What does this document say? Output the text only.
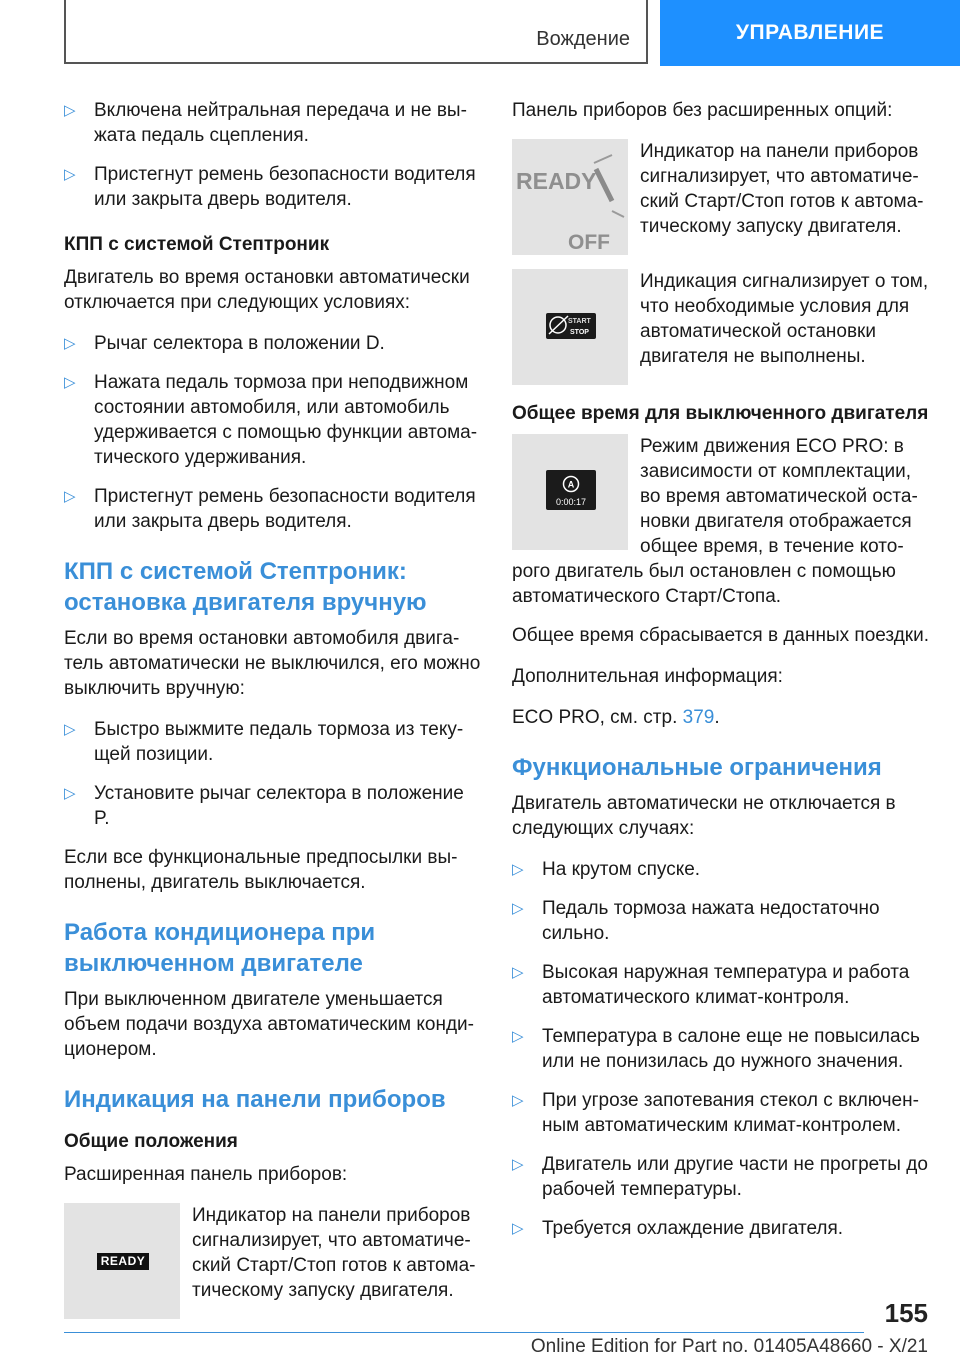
Вождение	УПРАВЛЕНИЕ
▷ Включена нейтральная передача и не вы-жата педаль сцепления.
▷ Пристегнут ремень безопасности водителя или закрыта дверь водителя.
КПП с системой Стептроник

Двигатель во время остановки автоматически отключается при следующих условиях:

▷ Рычаг селектора в положении D.
▷ Нажата педаль тормоза при неподвижном состоянии автомобиля, или автомобиль удерживается с помощью функции автома-тического удерживания.
▷ Пристегнут ремень безопасности водителя или закрыта дверь водителя.
КПП с системой Стептроник: остановка двигателя вручную

Если во время остановки автомобиля двига-тель автоматически не выключился, его можно выключить вручную:

▷ Быстро выжмите педаль тормоза из теку-щей позиции.
▷ Установите рычаг селектора в положение P.

Если все функциональные предпосылки вы-полнены, двигатель выключается.

Работа кондиционера при выключенном двигателе

При выключенном двигателе уменьшается объем подачи воздуха автоматическим конди-ционером.

Индикация на панели приборов
Общие положения

Расширенная панель приборов:

READY
Индикатор на панели приборов сигнализирует, что автоматиче-ский Старт/Стоп готов к автома-тическому запуску двигателя.

Панель приборов без расширенных опций:

READY
OFF
Индикатор на панели приборов сигнализирует, что автоматиче-ский Старт/Стоп готов к автома-тическому запуску двигателя.
START
STOP
Индикация сигнализирует о том, что необходимые условия для автоматической остановки двигателя не выполнены.
Общее время для выключенного двигателя
A
0:00:17
Режим движения ECO PRO: в зависимости от комплектации, во время автоматической оста-новки двигателя отображается общее время, в течение кото-рого двигатель был остановлен с помощью автоматического Старт/Стопа.

Общее время сбрасывается в данных поездки.

Дополнительная информация:

ECO PRO, см. стр. 379.

Функциональные ограничения

Двигатель автоматически не отключается в следующих случаях:

▷ На крутом спуске.
▷ Педаль тормоза нажата недостаточно сильно.
▷ Высокая наружная температура и работа автоматического климат-контроля.
▷ Температура в салоне еще не повысилась или не понизилась до нужного значения.
▷ При угрозе запотевания стекол с включен-ным автоматическим климат-контролем.
▷ Двигатель или другие части не прогреты до рабочей температуры.
▷ Требуется охлаждение двигателя.
155
Online Edition for Part no. 01405A48660 - X/21
